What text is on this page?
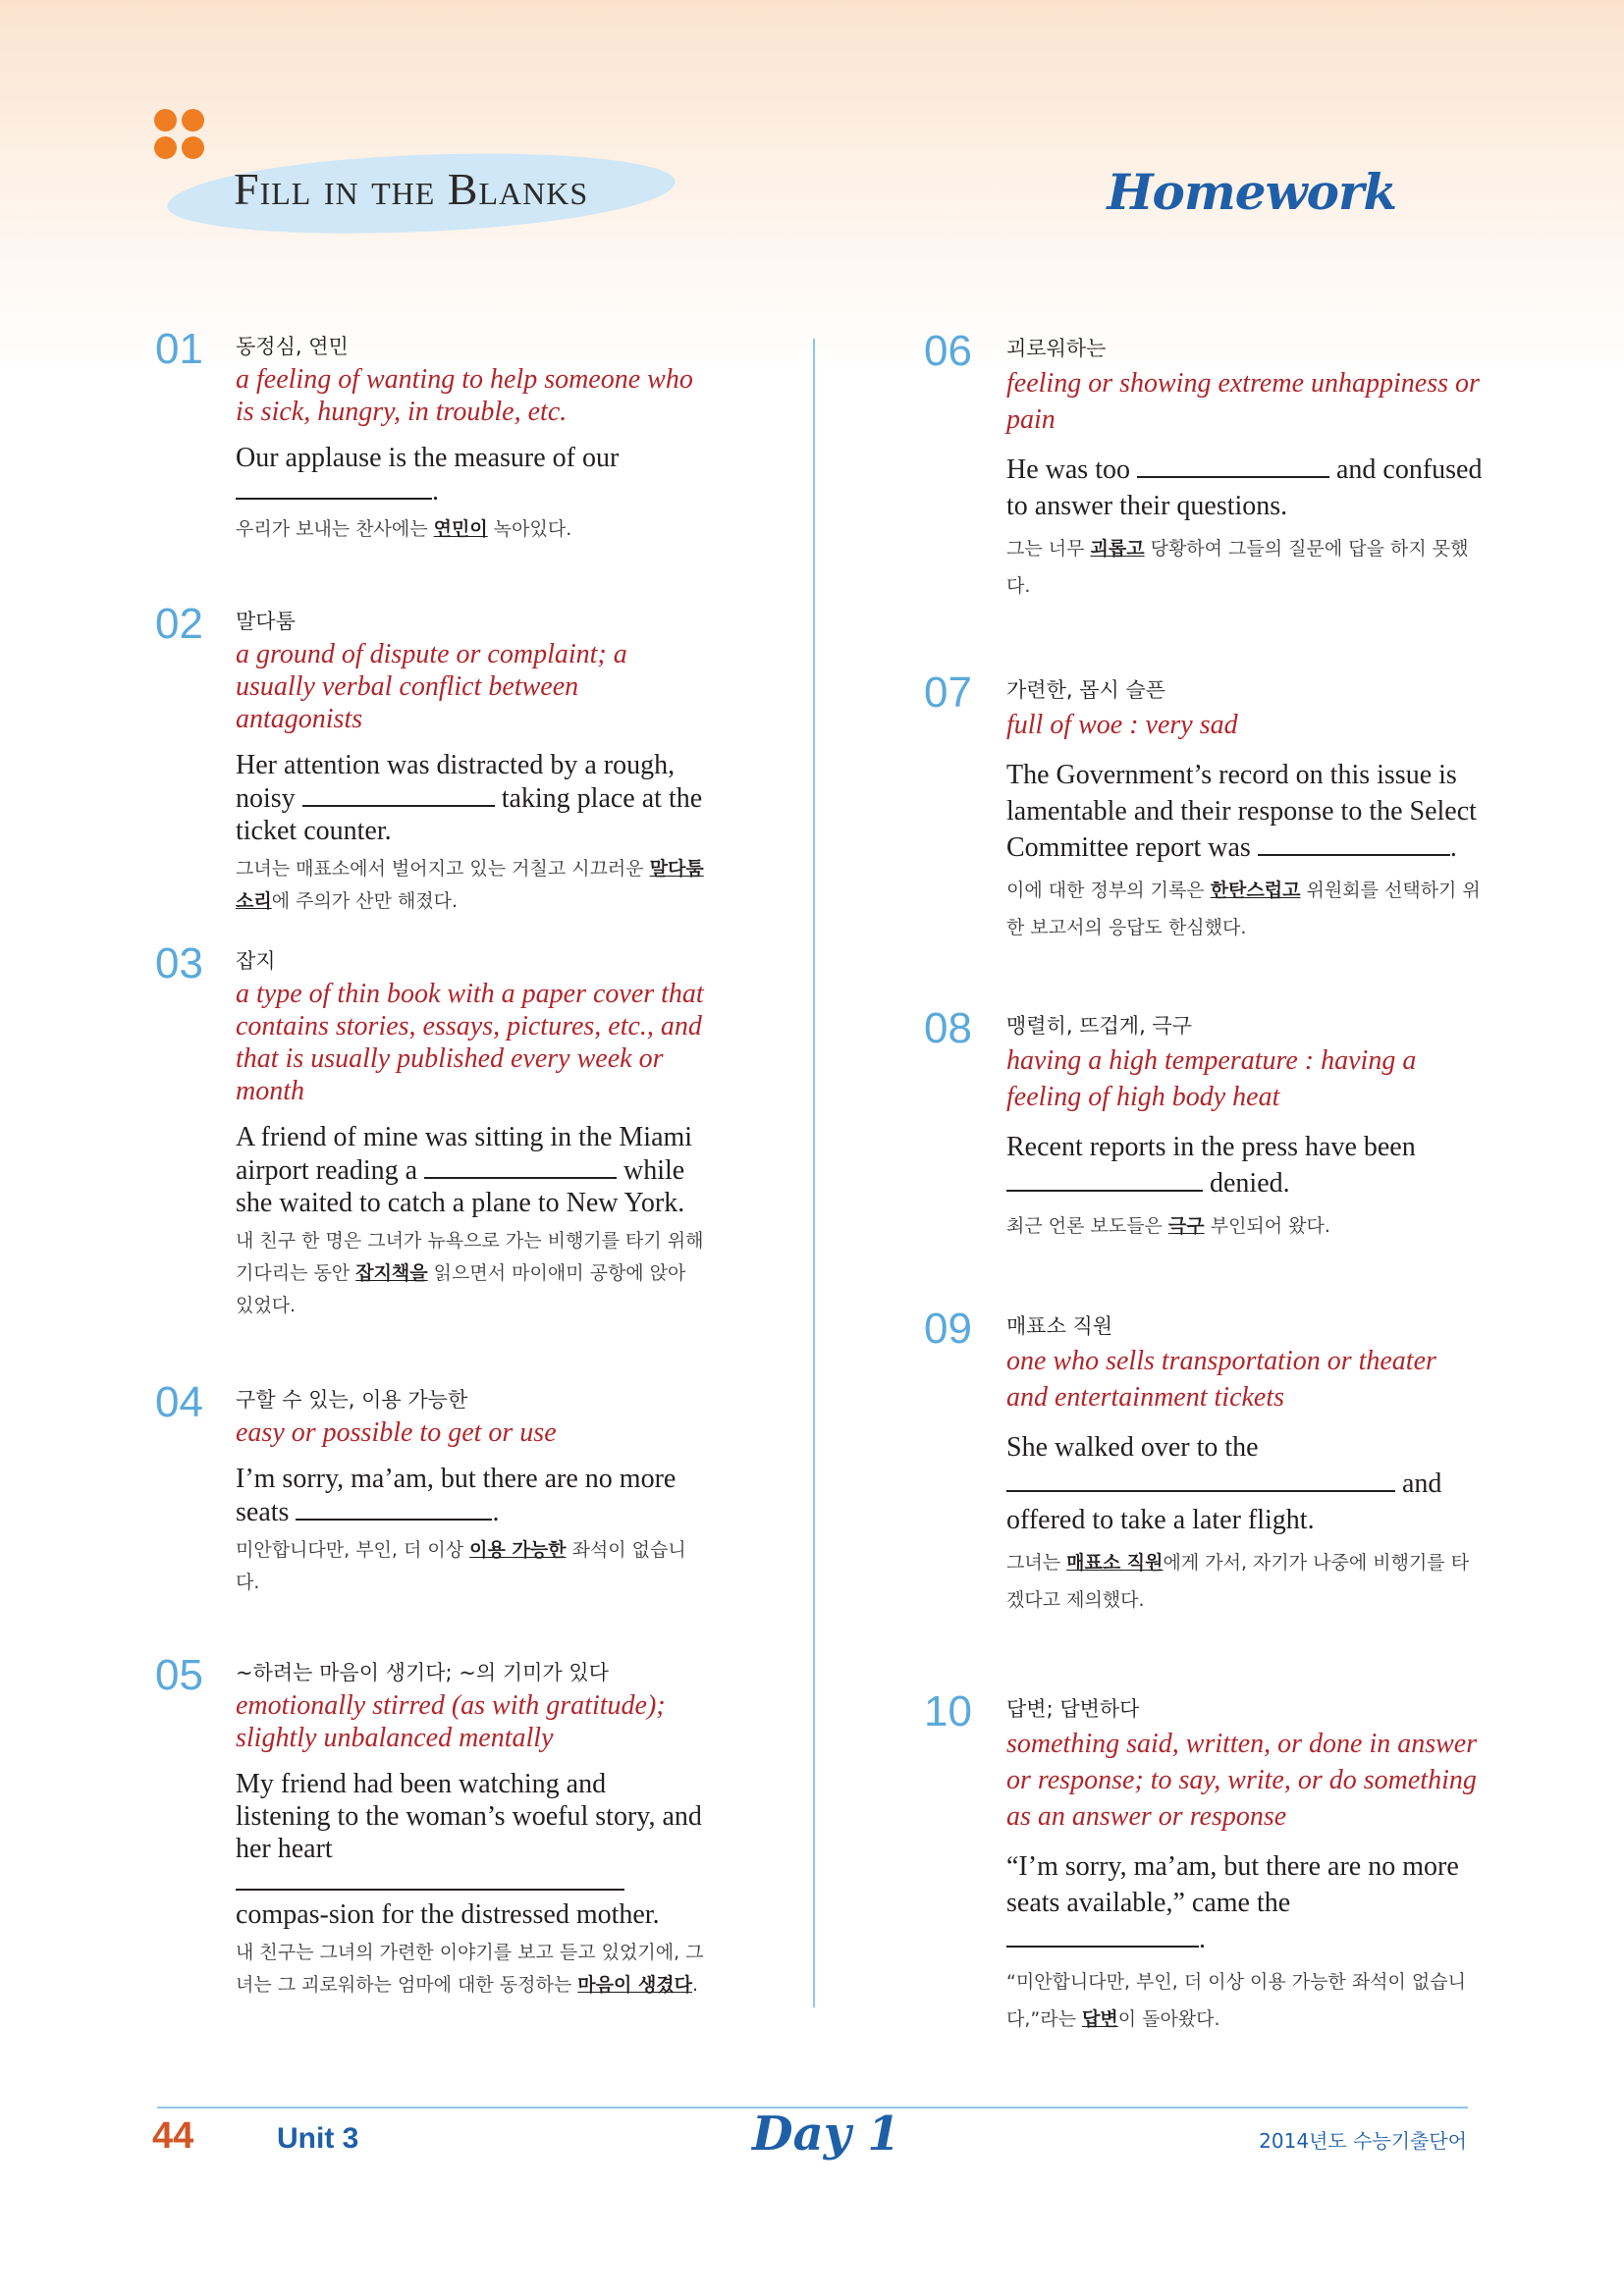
Fill in the Blanks	Homework
01	동정심, 연민

a feeling of wanting to help someone who is sick, hungry, in trouble, etc.

Our applause is the measure of our
.

우리가 보내는 찬사에는 연민이 녹아있다.

02	말다툼

a ground of dispute or complaint; a usually verbal conflict between antagonists

Her attention was distracted by a rough, noisy	taking place at the ticket counter.

그녀는 매표소에서 벌어지고 있는 거칠고 시끄러운 말다툼소리에 주의가 산만 해졌다.

03	잡지

a type of thin book with a paper cover that contains stories, essays, pictures, etc., and that is usually published every week or month

A friend of mine was sitting in the Miami airport reading a	while she waited to catch a plane to New York.

내 친구 한 명은 그녀가 뉴욕으로 가는 비행기를 타기 위해 기다리는 동안 잡지책을 읽으면서 마이애미 공항에 앉아 있었다.

04	구할 수 있는, 이용 가능한

easy or possible to get or use

I’m sorry, ma’am, but there are no more seats	.

미안합니다만, 부인, 더 이상 이용 가능한 좌석이 없습니다.

05	~하려는 마음이 생기다; ~의 기미가 있다

emotionally stirred (as with gratitude); slightly unbalanced mentally

My friend had been watching and listening to the woman’s woeful story, and her heart  compas-sion for the distressed mother.

내 친구는 그녀의 가련한 이야기를 보고 듣고 있었기에, 그녀는 그 괴로워하는 엄마에 대한 동정하는 마음이 생겼다.

06	괴로워하는

feeling or showing extreme unhappiness or pain

He was too	and confused to answer their questions.

그는 너무 괴롭고 당황하여 그들의 질문에 답을 하지 못했다.

07	가련한, 몹시 슬픈

full of woe : very sad

The Government’s record on this issue is lamentable and their response to the Select Committee report was	.

이에 대한 정부의 기록은 한탄스럽고 위원회를 선택하기 위한 보고서의 응답도 한심했다.

08	맹렬히, 뜨겁게, 극구

having a high temperature : having a feeling of high body heat

Recent reports in the press have been
denied.

최근 언론 보도들은 극구 부인되어 왔다.

09	매표소 직원

one who sells transportation or theater and entertainment tickets

She walked over to the
and offered to take a later flight.

그녀는 매표소 직원에게 가서, 자기가 나중에 비행기를 타겠다고 제의했다.

10	답변; 답변하다

something said, written, or done in answer or response; to say, write, or do something as an answer or response

“I’m sorry, ma’am, but there are no more seats available,” came the .

“미안합니다만, 부인, 더 이상 이용 가능한 좌석이 없습니다,”라는 답변이 돌아왔다.

44	Unit 3	Day 1	2014년도 수능기출단어
